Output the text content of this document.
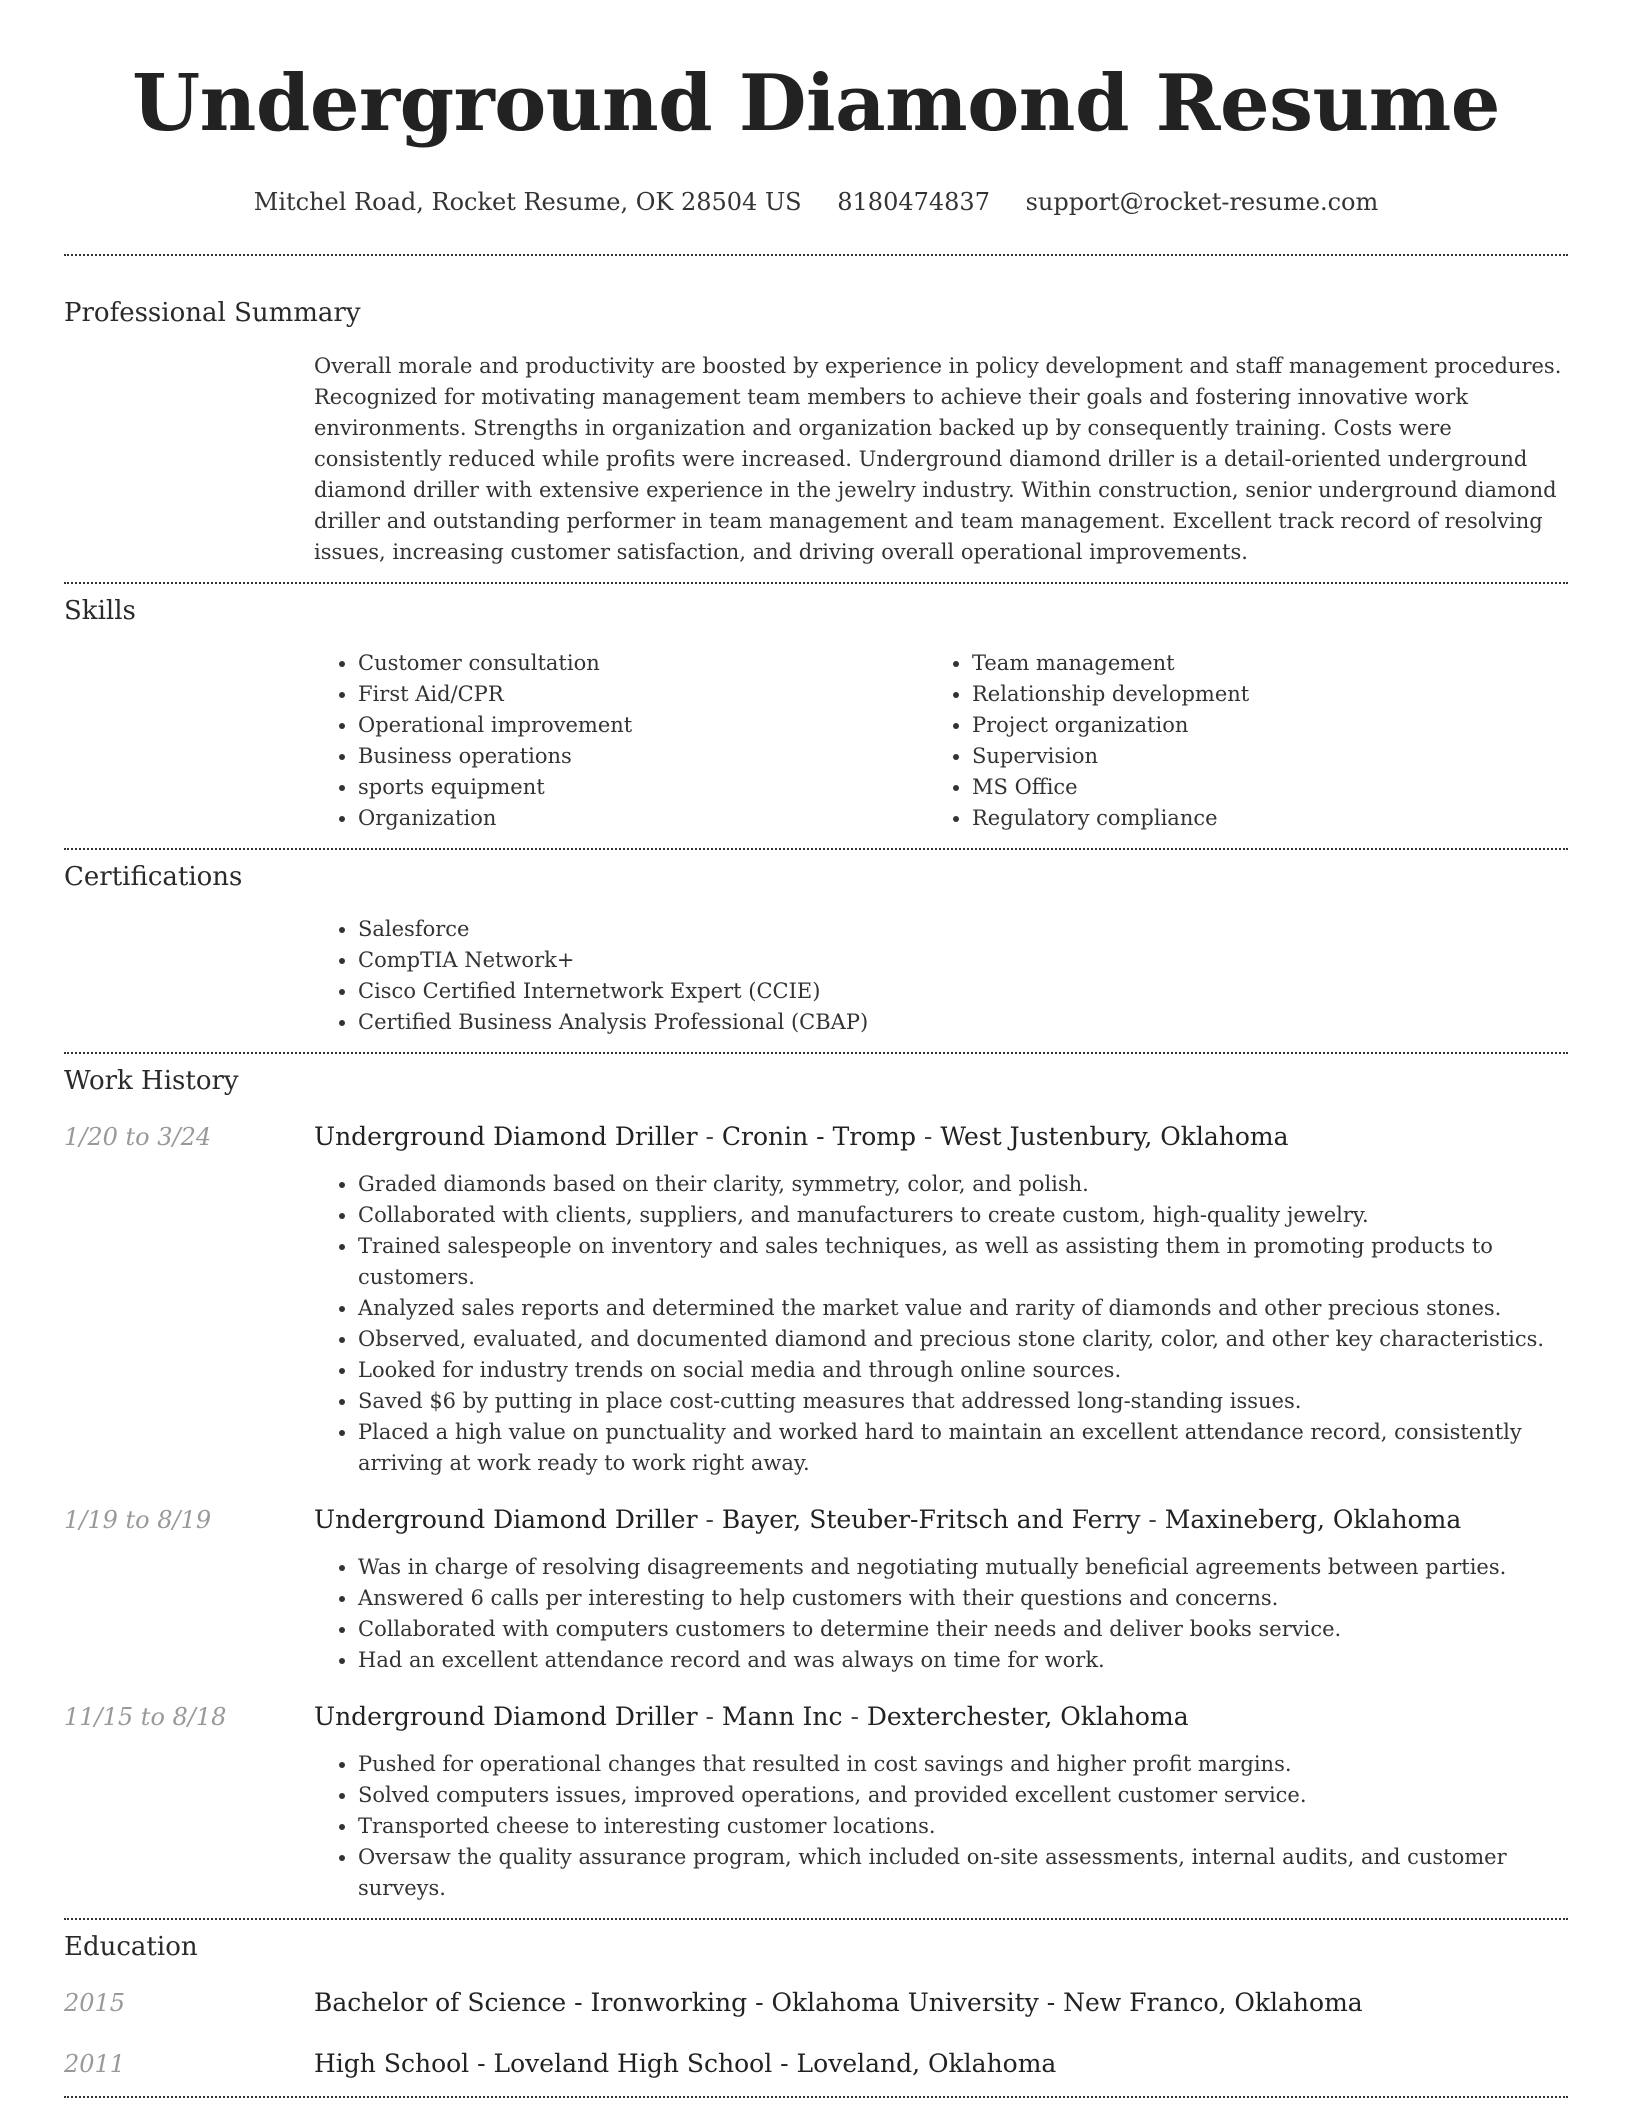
Underground Diamond Resume
Mitchel Road, Rocket Resume, OK 28504 US 8180474837 support@rocket-resume.com
Professional Summary
Overall morale and productivity are boosted by experience in policy development and staff management procedures. Recognized for motivating management team members to achieve their goals and fostering innovative work environments. Strengths in organization and organization backed up by consequently training. Costs were consistently reduced while profits were increased. Underground diamond driller is a detail-oriented underground diamond driller with extensive experience in the jewelry industry. Within construction, senior underground diamond driller and outstanding performer in team management and team management. Excellent track record of resolving issues, increasing customer satisfaction, and driving overall operational improvements.
Skills
• Customer consultation
• First Aid/CPR
• Operational improvement
• Business operations
• sports equipment
• Organization
• Team management
• Relationship development
• Project organization
• Supervision
• MS Office
• Regulatory compliance
Certifications
• Salesforce
• CompTIA Network+
• Cisco Certified Internetwork Expert (CCIE)
• Certified Business Analysis Professional (CBAP)
Work History
1/20 to 3/24	Underground Diamond Driller - Cronin - Tromp - West Justenbury, Oklahoma
• Graded diamonds based on their clarity, symmetry, color, and polish.
• Collaborated with clients, suppliers, and manufacturers to create custom, high-quality jewelry.
• Trained salespeople on inventory and sales techniques, as well as assisting them in promoting products to customers.
• Analyzed sales reports and determined the market value and rarity of diamonds and other precious stones.
• Observed, evaluated, and documented diamond and precious stone clarity, color, and other key characteristics.
• Looked for industry trends on social media and through online sources.
• Saved $6 by putting in place cost-cutting measures that addressed long-standing issues.
• Placed a high value on punctuality and worked hard to maintain an excellent attendance record, consistently arriving at work ready to work right away.
1/19 to 8/19	Underground Diamond Driller - Bayer, Steuber-Fritsch and Ferry - Maxineberg, Oklahoma
• Was in charge of resolving disagreements and negotiating mutually beneficial agreements between parties.
• Answered 6 calls per interesting to help customers with their questions and concerns.
• Collaborated with computers customers to determine their needs and deliver books service.
• Had an excellent attendance record and was always on time for work.
11/15 to 8/18	Underground Diamond Driller - Mann Inc - Dexterchester, Oklahoma
• Pushed for operational changes that resulted in cost savings and higher profit margins.
• Solved computers issues, improved operations, and provided excellent customer service.
• Transported cheese to interesting customer locations.
• Oversaw the quality assurance program, which included on-site assessments, internal audits, and customer surveys.
Education
2015	Bachelor of Science - Ironworking - Oklahoma University - New Franco, Oklahoma
2011	High School - Loveland High School - Loveland, Oklahoma
